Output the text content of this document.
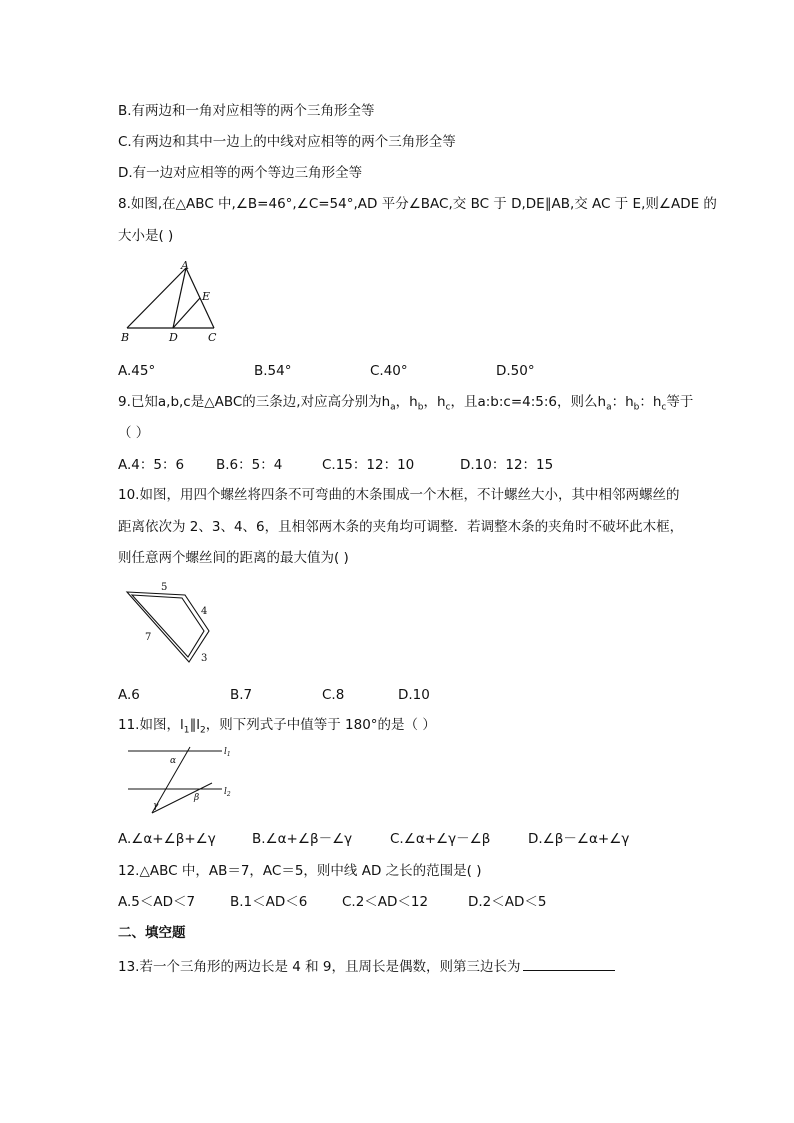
B.有两边和一角对应相等的两个三角形全等
C.有两边和其中一边上的中线对应相等的两个三角形全等
D.有一边对应相等的两个等边三角形全等
8.如图,在△ABC 中,∠B=46°,∠C=54°,AD 平分∠BAC,交 BC 于 D,DE∥AB,交 AC 于 E,则∠ADE 的
大小是( )
A
B	D	C
E
A.45°	B.54°	C.40°	D.50°
9.已知a,b,c是△ABC的三条边,对应高分别为$h_a$，$h_b$，$h_c$，且a:b:c=4:5:6，则么$h_a$：$h_b$：$h_c$等于
（ ）
A.4：5：6 B.6：5：4	C.15：12：10	D.10：12：15
10.如图，用四个螺丝将四条不可弯曲的木条围成一个木框，不计螺丝大小，其中相邻两螺丝的
距离依次为 2、3、4、6，且相邻两木条的夹角均可调整．若调整木条的夹角时不破坏此木框，
则任意两个螺丝间的距离的最大值为( )
5
4
7
3
A.6	B.7	C.8	D.10
11.如图，$l_1\parallel l_2$，则下列式子中值等于 180°的是（ ）
$l_1$
$l_2$
α
β
γ
A.∠α+∠β+∠γ	B.∠α+∠β－∠γ	C.∠α+∠γ－∠β	D.∠β－∠α+∠γ
12.△ABC 中，AB＝7，AC＝5，则中线 AD 之长的范围是( )
A.5＜AD＜7	B.1＜AD＜6	C.2＜AD＜12	D.2＜AD＜5
二、填空题
13.若一个三角形的两边长是 4 和 9，且周长是偶数，则第三边长为
